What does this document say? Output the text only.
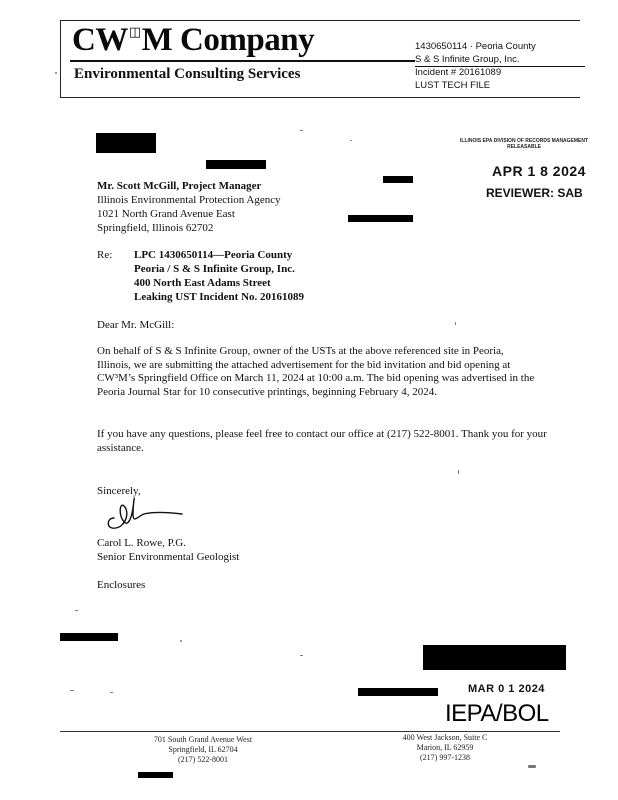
CW◫M Company
Environmental Consulting Services
1430650114 · Peoria County
S & S Infinite Group, Inc.
Incident # 20161089
LUST TECH FILE
ILLINOIS EPA DIVISION OF RECORDS MANAGEMENT
RELEASABLE
APR 1 8 2024
REVIEWER: SAB
Mr. Scott McGill, Project Manager
Illinois Environmental Protection Agency
1021 North Grand Avenue East
Springfield, Illinois 62702
Re: LPC 1430650114—Peoria County
Peoria / S & S Infinite Group, Inc.
400 North East Adams Street
Leaking UST Incident No. 20161089
Dear Mr. McGill:
On behalf of S & S Infinite Group, owner of the USTs at the above referenced site in Peoria, Illinois, we are submitting the attached advertisement for the bid invitation and bid opening at CW³M’s Springfield Office on March 11, 2024 at 10:00 a.m. The bid opening was advertised in the Peoria Journal Star for 10 consecutive printings, beginning February 4, 2024.
If you have any questions, please feel free to contact our office at (217) 522-8001. Thank you for your assistance.
Sincerely,
Carol L. Rowe, P.G.
Senior Environmental Geologist
Enclosures
MAR 0 1 2024
IEPA/BOL
701 South Grand Avenue West
Springfield, IL 62704
(217) 522-8001
400 West Jackson, Suite C
Marion, IL 62959
(217) 997-1238
